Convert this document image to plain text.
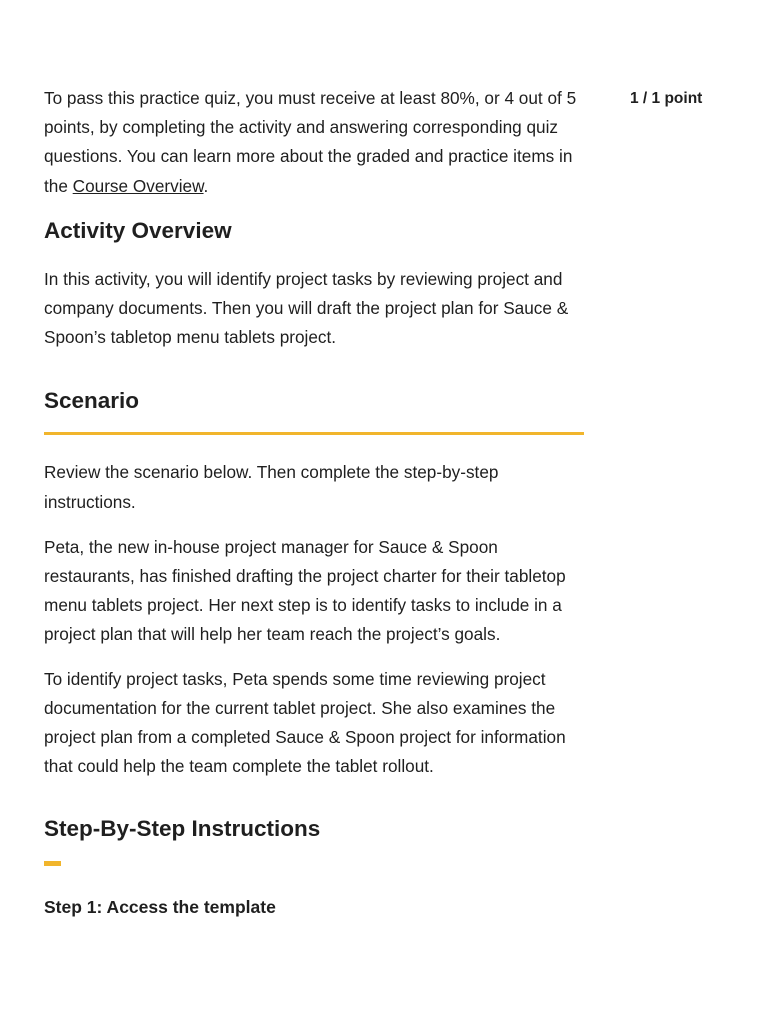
1 / 1 point

To pass this practice quiz, you must receive at least 80%, or 4 out of 5 points, by completing the activity and answering corresponding quiz questions. You can learn more about the graded and practice items in the Course Overview.

Activity Overview

In this activity, you will identify project tasks by reviewing project and company documents. Then you will draft the project plan for Sauce & Spoon’s tabletop menu tablets project.

Scenario

Review the scenario below. Then complete the step-by-step instructions.

Peta, the new in-house project manager for Sauce & Spoon restaurants, has finished drafting the project charter for their tabletop menu tablets project. Her next step is to identify tasks to include in a project plan that will help her team reach the project’s goals.

To identify project tasks, Peta spends some time reviewing project documentation for the current tablet project. She also examines the project plan from a completed Sauce & Spoon project for information that could help the team complete the tablet rollout.

Step-By-Step Instructions
Step 1: Access the template
